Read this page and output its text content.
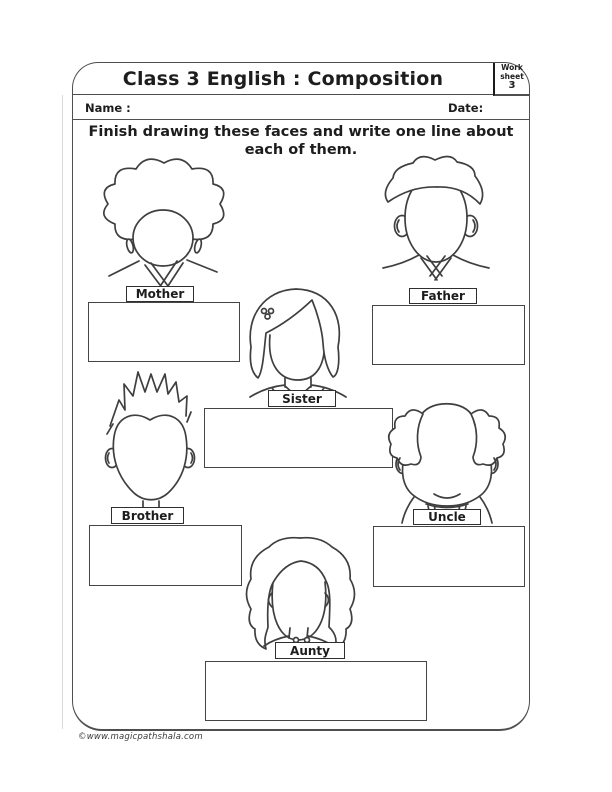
Class 3 English : Composition
Work
sheet
3
Name :	Date:
Finish drawing these faces and write one line about
each of them.
Mother	Father
Sister
Brother	Uncle
Aunty
©www.magicpathshala.com
